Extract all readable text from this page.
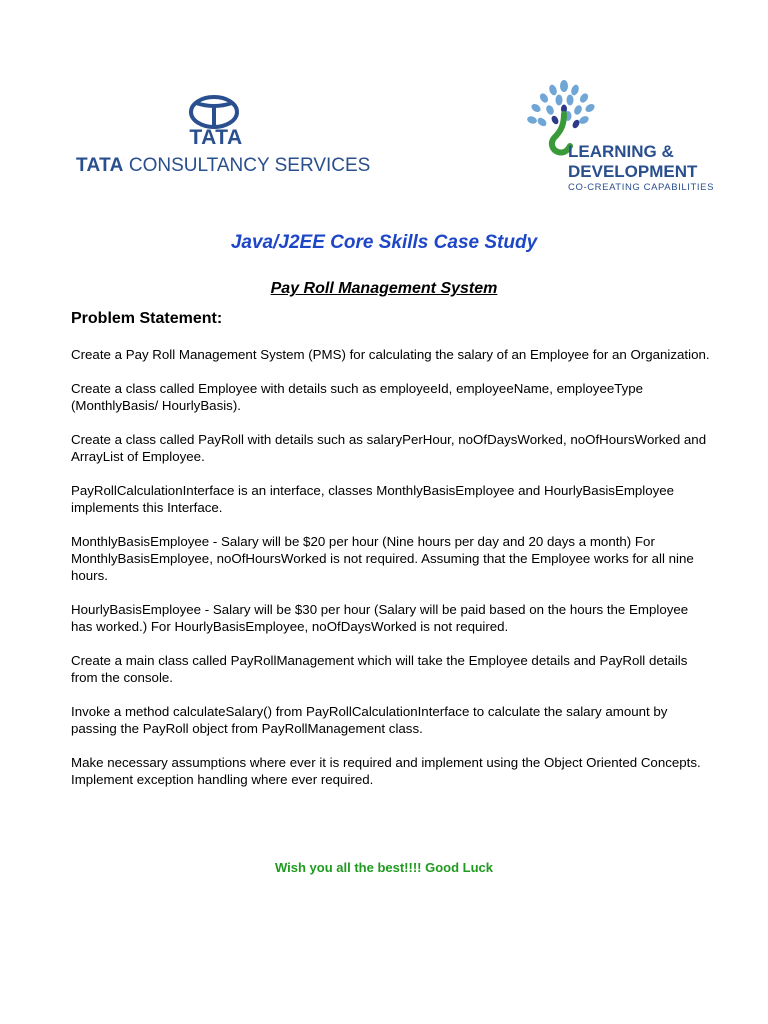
TATA
TATA CONSULTANCY SERVICES
LEARNING &
DEVELOPMENT
CO-CREATING CAPABILITIES
Java/J2EE Core Skills Case Study
Pay Roll Management System
Problem Statement:

Create a Pay Roll Management System (PMS) for calculating the salary of an Employee for an Organization.

Create a class called Employee with details such as employeeId, employeeName, employeeType (MonthlyBasis/ HourlyBasis).

Create a class called PayRoll with details such as salaryPerHour, noOfDaysWorked, noOfHoursWorked and ArrayList of Employee.

PayRollCalculationInterface is an interface, classes MonthlyBasisEmployee and HourlyBasisEmployee implements this Interface.

MonthlyBasisEmployee - Salary will be $20 per hour (Nine hours per day and 20 days a month) For MonthlyBasisEmployee, noOfHoursWorked is not required. Assuming that the Employee works for all nine hours.

HourlyBasisEmployee - Salary will be $30 per hour (Salary will be paid based on the hours the Employee has worked.) For HourlyBasisEmployee, noOfDaysWorked is not required.

Create a main class called PayRollManagement which will take the Employee details and PayRoll details from the console.

Invoke a method calculateSalary() from PayRollCalculationInterface to calculate the salary amount by passing the PayRoll object from PayRollManagement class.

Make necessary assumptions where ever it is required and implement using the Object Oriented Concepts. Implement exception handling where ever required.

Wish you all the best!!!! Good Luck
